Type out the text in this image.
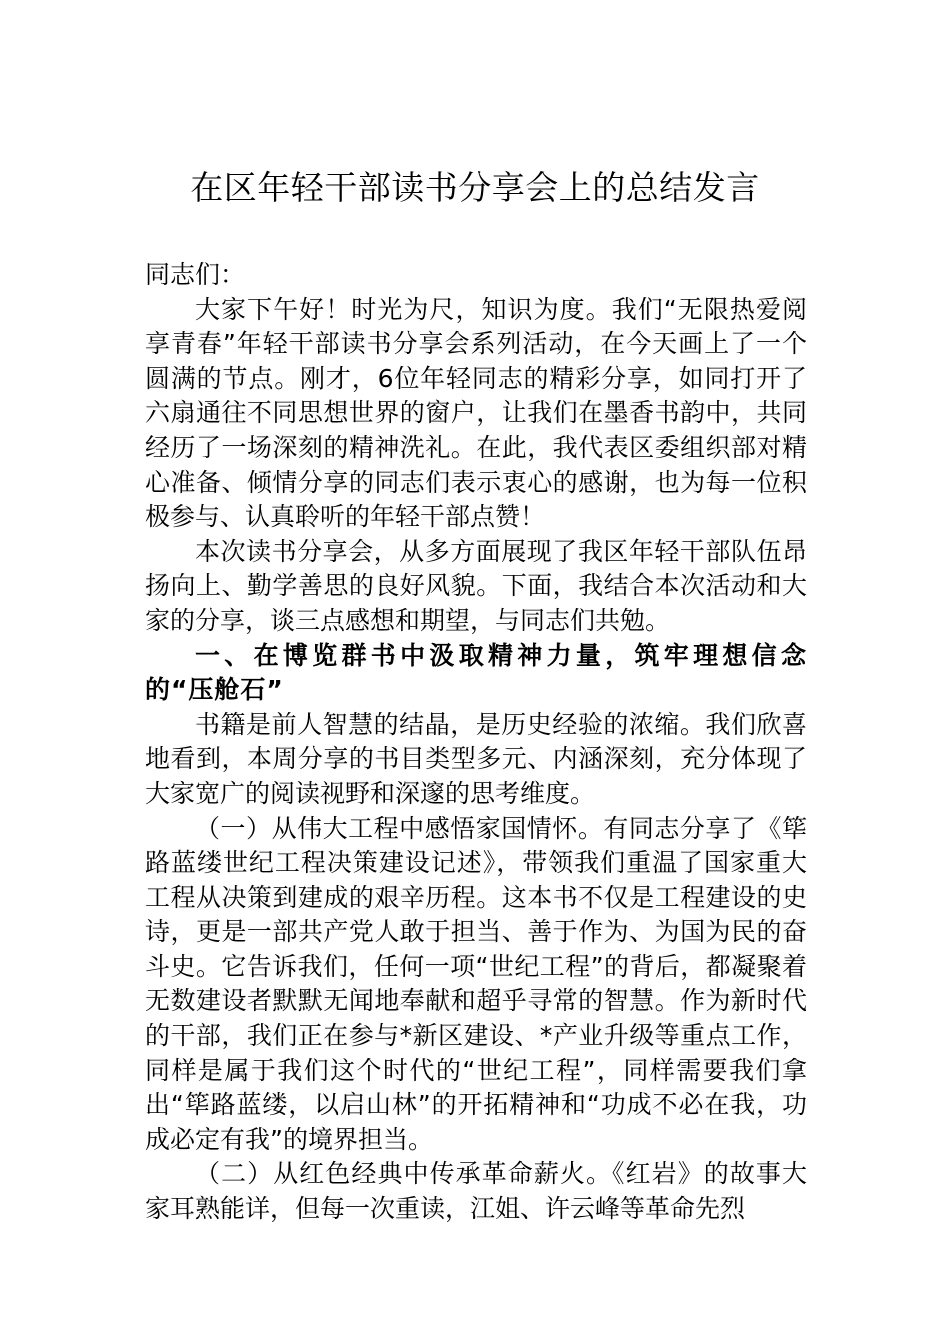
在区年轻干部读书分享会上的总结发言

同志们：

大家下午好！时光为尺，知识为度。我们“无限热爱阅享青春”年轻干部读书分享会系列活动，在今天画上了一个圆满的节点。刚才，6位年轻同志的精彩分享，如同打开了六扇通往不同思想世界的窗户，让我们在墨香书韵中，共同经历了一场深刻的精神洗礼。在此，我代表区委组织部对精心准备、倾情分享的同志们表示衷心的感谢，也为每一位积极参与、认真聆听的年轻干部点赞！

本次读书分享会，从多方面展现了我区年轻干部队伍昂扬向上、勤学善思的良好风貌。下面，我结合本次活动和大家的分享，谈三点感想和期望，与同志们共勉。

一、在博览群书中汲取精神力量，筑牢理想信念的“压舱石”

书籍是前人智慧的结晶，是历史经验的浓缩。我们欣喜地看到，本周分享的书目类型多元、内涵深刻，充分体现了大家宽广的阅读视野和深邃的思考维度。

（一）从伟大工程中感悟家国情怀。有同志分享了《筚路蓝缕世纪工程决策建设记述》，带领我们重温了国家重大工程从决策到建成的艰辛历程。这本书不仅是工程建设的史诗，更是一部共产党人敢于担当、善于作为、为国为民的奋斗史。它告诉我们，任何一项“世纪工程”的背后，都凝聚着无数建设者默默无闻地奉献和超乎寻常的智慧。作为新时代的干部，我们正在参与*新区建设、*产业升级等重点工作，同样是属于我们这个时代的“世纪工程”，同样需要我们拿出“筚路蓝缕，以启山林”的开拓精神和“功成不必在我，功成必定有我”的境界担当。

（二）从红色经典中传承革命薪火。《红岩》的故事大家耳熟能详，但每一次重读，江姐、许云峰等革命先烈
